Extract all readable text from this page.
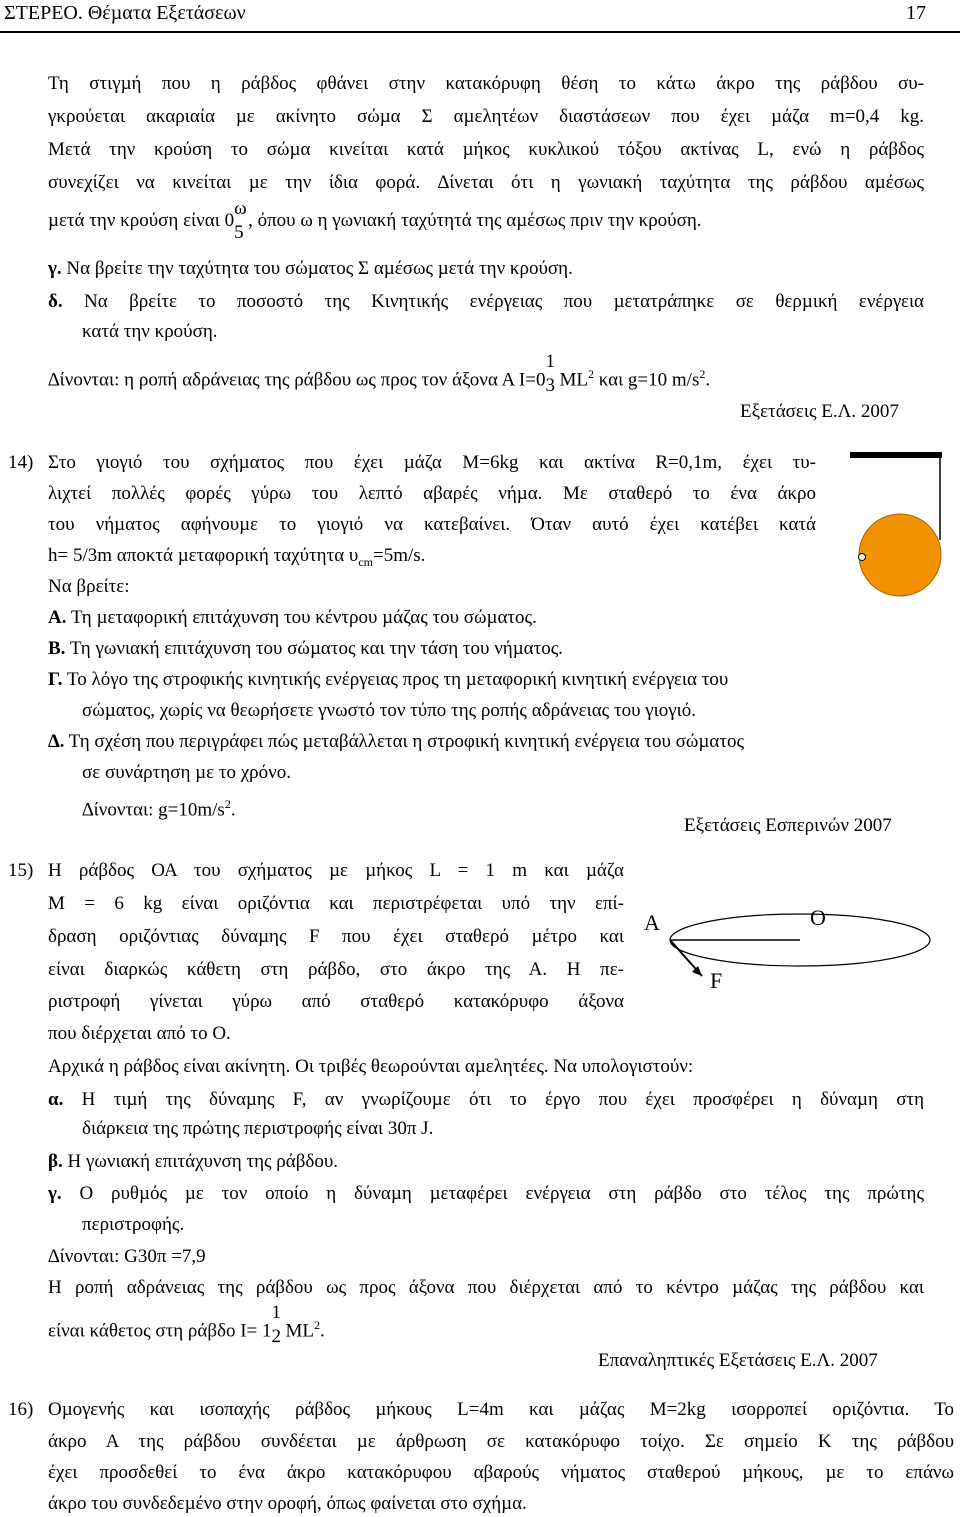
ΣΤΕΡΕΟ. Θέµατα Εξετάσεων	17
Τη στιγµή που η ράβδος φθάνει στην κατακόρυφη θέση το κάτω άκρο της ράβδου συ-
γκρούεται ακαριαία µε ακίνητο σώµα Σ αµελητέων διαστάσεων που έχει µάζα m=0,4 kg.
Μετά την κρούση το σώµα κινείται κατά µήκος κυκλικού τόξου ακτίνας L, ενώ η ράβδος
συνεχίζει να κινείται µε την ίδια φορά. ∆ίνεται ότι η γωνιακή ταχύτητα της ράβδου αµέσως
µετά την κρούση είναι 0
ω
5
, όπου ω η γωνιακή ταχύτητά της αµέσως πριν την κρούση.
γ. Να βρείτε την ταχύτητα του σώµατος Σ αµέσως µετά την κρούση.
δ. Να βρείτε το ποσοστό της Κινητικής ενέργειας που µετατράπηκε σε θερµική ενέργεια
κατά την κρούση.
∆ίνονται: η ροπή αδράνειας της ράβδου ως προς τον άξονα Α I=0
1
3 $ML^2$ και g=10 $m/s^2$.
Εξετάσεις Ε.Λ. 2007
14) Στο γιογιό του σχήµατος που έχει µάζα Μ=6kg και ακτίνα R=0,1m, έχει τυ-
λιχτεί πολλές φορές γύρω του λεπτό αβαρές νήµα. Με σταθερό το ένα άκρο
του νήµατος αφήνουµε το γιογιό να κατεβαίνει. Όταν αυτό έχει κατέβει κατά
h= 5/3m αποκτά µεταφορική ταχύτητα $\upsilon_{cm}=5m/s$.
Να βρείτε:
Α. Τη µεταφορική επιτάχυνση του κέντρου µάζας του σώµατος.
Β. Τη γωνιακή επιτάχυνση του σώµατος και την τάση του νήµατος.
Γ. Το λόγο της στροφικής κινητικής ενέργειας προς τη µεταφορική κινητική ενέργεια του
σώµατος, χωρίς να θεωρήσετε γνωστό τον τύπο της ροπής αδράνειας του γιογιό.
∆. Τη σχέση που περιγράφει πώς µεταβάλλεται η στροφική κινητική ενέργεια του σώµατος
σε συνάρτηση µε το χρόνο.
∆ίνονται: $g=10m/s^2$.
Εξετάσεις Εσπερινών 2007
15) Η ράβδος ΟΑ του σχήµατος µε µήκος L = 1 m και µάζα
Μ = 6 kg είναι οριζόντια και περιστρέφεται υπό την επί-
δραση οριζόντιας δύναµης F που έχει σταθερό µέτρο και
είναι διαρκώς κάθετη στη ράβδο, στο άκρο της Α. Η πε-
ριστροφή γίνεται γύρω από σταθερό κατακόρυφο άξονα
που διέρχεται από το Ο.
Αρχικά η ράβδος είναι ακίνητη. Οι τριβές θεωρούνται αµελητέες. Να υπολογιστούν:
α. Η τιµή της δύναµης F, αν γνωρίζουµε ότι το έργο που έχει προσφέρει η δύναµη στη
διάρκεια της πρώτης περιστροφής είναι 30π J.
β. Η γωνιακή επιτάχυνση της ράβδου.
γ. Ο ρυθµός µε τον οποίο η δύναµη µεταφέρει ενέργεια στη ράβδο στο τέλος της πρώτης
περιστροφής.
∆ίνονται: G30π =7,9
Η ροπή αδράνειας της ράβδου ως προς άξονα που διέρχεται από το κέντρο µάζας της ράβδου και
είναι κάθετος στη ράβδο I= 1
1
2 $ML^2$.
Επαναληπτικές Εξετάσεις Ε.Λ. 2007
Α	Ο
F
16) Οµογενής και ισοπαχής ράβδος µήκους L=4m και µάζας Μ=2kg ισορροπεί οριζόντια. Το
άκρο Α της ράβδου συνδέεται µε άρθρωση σε κατακόρυφο τοίχο. Σε σηµείο Κ της ράβδου
έχει προσδεθεί το ένα άκρο κατακόρυφου αβαρούς νήµατος σταθερού µήκους, µε το επάνω
άκρο του συνδεδεµένο στην οροφή, όπως φαίνεται στο σχήµα.
